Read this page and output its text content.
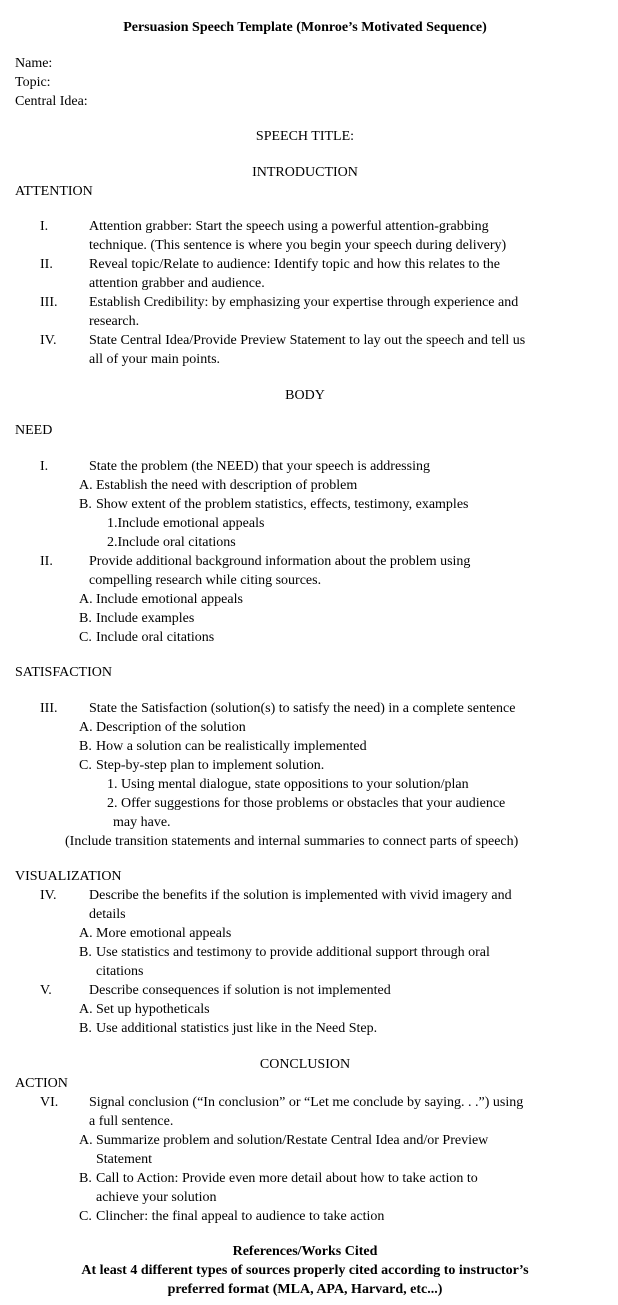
Persuasion Speech Template (Monroe’s Motivated Sequence)
Name:
Topic:
Central Idea:
SPEECH TITLE:
INTRODUCTION
ATTENTION
I.	Attention grabber: Start the speech using a powerful attention-grabbing
technique. (This sentence is where you begin your speech during delivery)
II.	Reveal topic/Relate to audience: Identify topic and how this relates to the
attention grabber and audience.
III.	Establish Credibility: by emphasizing your expertise through experience and
research.
IV.	State Central Idea/Provide Preview Statement to lay out the speech and tell us
all of your main points.
BODY
NEED
I.	State the problem (the NEED) that your speech is addressing
A. Establish the need with description of problem
B. Show extent of the problem statistics, effects, testimony, examples
1.Include emotional appeals
2.Include oral citations
II.	Provide additional background information about the problem using
compelling research while citing sources.
A. Include emotional appeals
B. Include examples
C. Include oral citations
SATISFACTION
III.	State the Satisfaction (solution(s) to satisfy the need) in a complete sentence
A. Description of the solution
B. How a solution can be realistically implemented
C. Step-by-step plan to implement solution.
1. Using mental dialogue, state oppositions to your solution/plan
2. Offer suggestions for those problems or obstacles that your audience
may have.
(Include transition statements and internal summaries to connect parts of speech)
VISUALIZATION
IV.	Describe the benefits if the solution is implemented with vivid imagery and
details
A. More emotional appeals
B. Use statistics and testimony to provide additional support through oral
citations
V.	Describe consequences if solution is not implemented
A. Set up hypotheticals
B. Use additional statistics just like in the Need Step.
CONCLUSION
ACTION
VI.	Signal conclusion (“In conclusion” or “Let me conclude by saying. . .”) using
a full sentence.
A. Summarize problem and solution/Restate Central Idea and/or Preview
Statement
B. Call to Action: Provide even more detail about how to take action to
achieve your solution
C. Clincher: the final appeal to audience to take action
References/Works Cited
At least 4 different types of sources properly cited according to instructor’s
preferred format (MLA, APA, Harvard, etc...)
